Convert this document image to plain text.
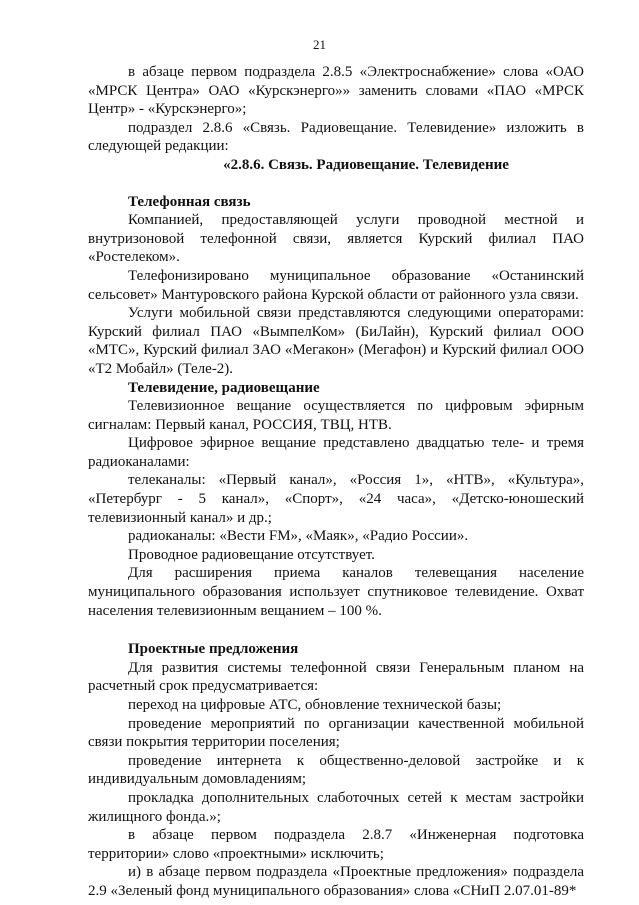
21

в абзаце первом подраздела 2.8.5 «Электроснабжение» слова «ОАО «МРСК Центра» ОАО «Курскэнерго»» заменить словами «ПАО «МРСК Центр» - «Курскэнерго»;

подраздел 2.8.6 «Связь. Радиовещание. Телевидение» изложить в следующей редакции:

«2.8.6. Связь. Радиовещание. Телевидение

Телефонная связь

Компанией, предоставляющей услуги проводной местной и внутризоновой телефонной связи, является Курский филиал ПАО «Ростелеком».

Телефонизировано муниципальное образование «Останинский сельсовет» Мантуровского района Курской области от районного узла связи.

Услуги мобильной связи представляются следующими операторами: Курский филиал ПАО «ВымпелКом» (БиЛайн), Курский филиал ООО «МТС», Курский филиал ЗАО «Мегакон» (Мегафон) и Курский филиал ООО «Т2 Мобайл» (Теле-2).

Телевидение, радиовещание

Телевизионное вещание осуществляется по цифровым эфирным сигналам: Первый канал, РОССИЯ, ТВЦ, НТВ.

Цифровое эфирное вещание представлено двадцатью теле- и тремя радиоканалами:

телеканалы: «Первый канал», «Россия 1», «НТВ», «Культура», «Петербург - 5 канал», «Спорт», «24 часа», «Детско-юношеский телевизионный канал» и др.;

радиоканалы: «Вести FM», «Маяк», «Радио России».

Проводное радиовещание отсутствует.

Для расширения приема каналов телевещания население муниципального образования использует спутниковое телевидение. Охват населения телевизионным вещанием – 100 %.

Проектные предложения

Для развития системы телефонной связи Генеральным планом на расчетный срок предусматривается:

переход на цифровые АТС, обновление технической базы;

проведение мероприятий по организации качественной мобильной связи покрытия территории поселения;

проведение интернета к общественно-деловой застройке и к индивидуальным домовладениям;

прокладка дополнительных слаботочных сетей к местам застройки жилищного фонда.»;

в абзаце первом подраздела 2.8.7 «Инженерная подготовка территории» слово «проектными» исключить;

и) в абзаце первом подраздела «Проектные предложения» подраздела 2.9 «Зеленый фонд муниципального образования» слова «СНиП 2.07.01-89*
